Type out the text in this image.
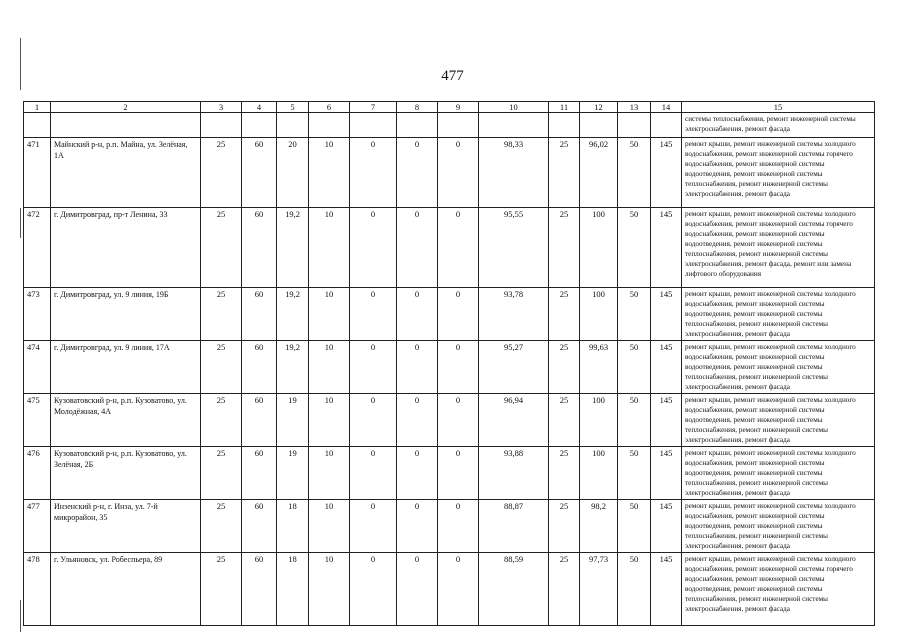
477
1	2	3	4	5	6	7	8	9	10	11	12	13	14	15
														системы теплоснабжения, ремонт инженерной системы электроснабжения, ремонт фасада
471	Майнский р-н, р.п. Майна, ул. Зелёная, 1А	25	60	20	10	0	0	0	98,33	25	96,02	50	145	ремонт крыши, ремонт инженерной системы холодного водоснабжения, ремонт инженерной системы горячего водоснабжения, ремонт инженерной системы водоотведения, ремонт инженерной системы теплоснабжения, ремонт инженерной системы электроснабжения, ремонт фасада
472	г. Димитровград, пр-т Ленина, 33	25	60	19,2	10	0	0	0	95,55	25	100	50	145	ремонт крыши, ремонт инженерной системы холодного водоснабжения, ремонт инженерной системы горячего водоснабжения, ремонт инженерной системы водоотведения, ремонт инженерной системы теплоснабжения, ремонт инженерной системы электроснабжения, ремонт фасада, ремонт или замена лифтового оборудования
473	г. Димитровград, ул. 9 линия, 19Б	25	60	19,2	10	0	0	0	93,78	25	100	50	145	ремонт крыши, ремонт инженерной системы холодного водоснабжения, ремонт инженерной системы водоотведения, ремонт инженерной системы теплоснабжения, ремонт инженерной системы электроснабжения, ремонт фасада
474	г. Димитровград, ул. 9 линия, 17А	25	60	19,2	10	0	0	0	95,27	25	99,63	50	145	ремонт крыши, ремонт инженерной системы холодного водоснабжения, ремонт инженерной системы водоотведения, ремонт инженерной системы теплоснабжения, ремонт инженерной системы электроснабжения, ремонт фасада
475	Кузоватовский р-н, р.п. Кузоватово, ул. Молодёжная, 4А	25	60	19	10	0	0	0	96,94	25	100	50	145	ремонт крыши, ремонт инженерной системы холодного водоснабжения, ремонт инженерной системы водоотведения, ремонт инженерной системы теплоснабжения, ремонт инженерной системы электроснабжения, ремонт фасада
476	Кузоватовский р-н, р.п. Кузоватово, ул. Зелёная, 2Б	25	60	19	10	0	0	0	93,88	25	100	50	145	ремонт крыши, ремонт инженерной системы холодного водоснабжения, ремонт инженерной системы водоотведения, ремонт инженерной системы теплоснабжения, ремонт инженерной системы электроснабжения, ремонт фасада
477	Инзенский р-н, г. Инза, ул. 7-й микрорайон, 35	25	60	18	10	0	0	0	88,87	25	98,2	50	145	ремонт крыши, ремонт инженерной системы холодного водоснабжения, ремонт инженерной системы водоотведения, ремонт инженерной системы теплоснабжения, ремонт инженерной системы электроснабжения, ремонт фасада
478	г. Ульяновск, ул. Робеспьера, 89	25	60	18	10	0	0	0	88,59	25	97,73	50	145	ремонт крыши, ремонт инженерной системы холодного водоснабжения, ремонт инженерной системы горячего водоснабжения, ремонт инженерной системы водоотведения, ремонт инженерной системы теплоснабжения, ремонт инженерной системы электроснабжения, ремонт фасада
